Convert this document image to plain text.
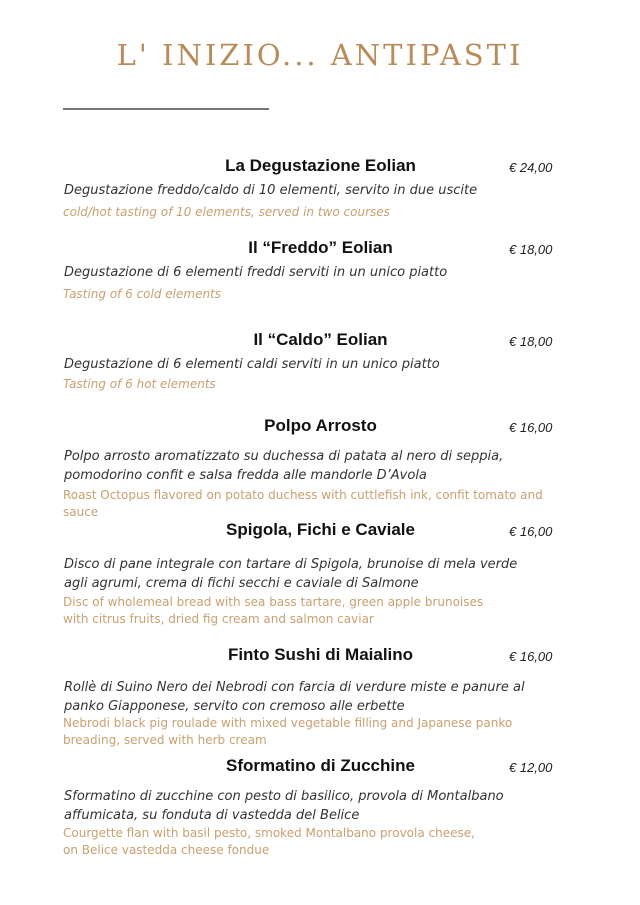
L' INIZIO... ANTIPASTI
La Degustazione Eolian	€ 24,00
Degustazione freddo/caldo di 10 elementi, servito in due uscite
cold/hot tasting of 10 elements, served in two courses
Il “Freddo” Eolian	€ 18,00
Degustazione di 6 elementi freddi serviti in un unico piatto
Tasting of 6 cold elements
Il “Caldo” Eolian	€ 18,00
Degustazione di 6 elementi caldi serviti in un unico piatto
Tasting of 6 hot elements
Polpo Arrosto	€ 16,00
Polpo arrosto aromatizzato su duchessa di patata al nero di seppia, pomodorino confit e salsa fredda alle mandorle D’Avola
Roast Octopus flavored on potato duchess with cuttlefish ink, confit tomato and sauce
Spigola, Fichi e Caviale	€ 16,00
Disco di pane integrale con tartare di Spigola, brunoise di mela verde agli agrumi, crema di fichi secchi e caviale di Salmone
Disc of wholemeal bread with sea bass tartare, green apple brunoises with citrus fruits, dried fig cream and salmon caviar
Finto Sushi di Maialino	€ 16,00
Rollè di Suino Nero dei Nebrodi con farcia di verdure miste e panure al panko Giapponese, servito con cremoso alle erbette
Nebrodi black pig roulade with mixed vegetable filling and Japanese panko breading, served with herb cream
Sformatino di Zucchine	€ 12,00
Sformatino di zucchine con pesto di basilico, provola di Montalbano affumicata, su fonduta di vastedda del Belice
Courgette flan with basil pesto, smoked Montalbano provola cheese, on Belice vastedda cheese fondue
